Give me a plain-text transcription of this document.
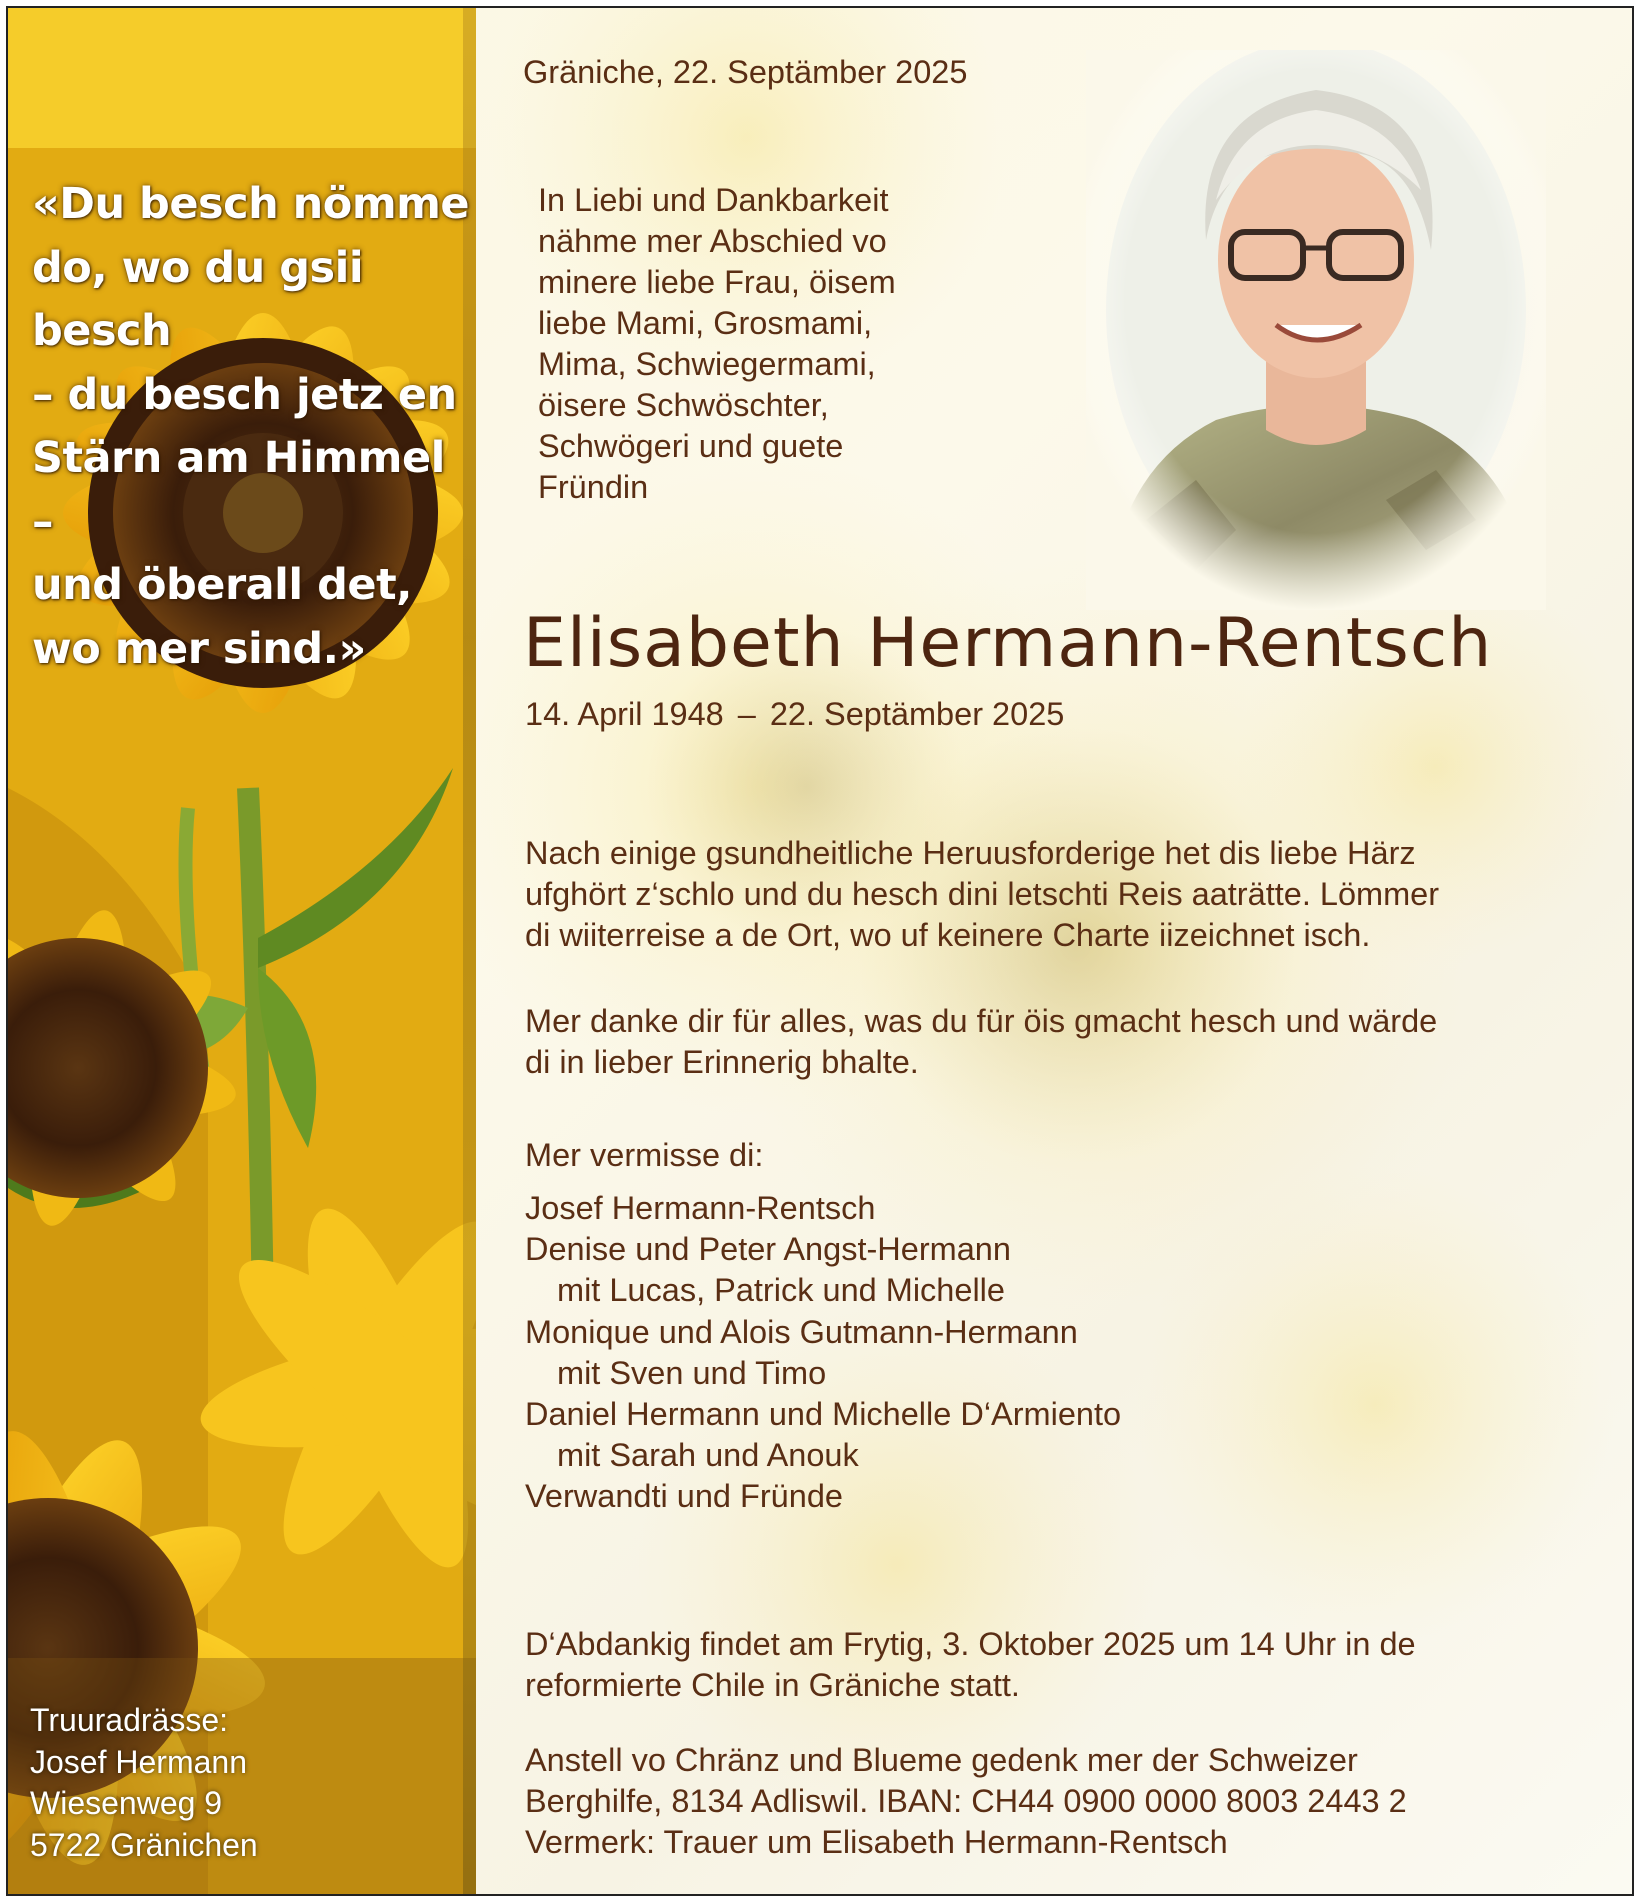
«Du besch nömme
do, wo du gsii besch
– du besch jetz en
Stärn am Himmel –
und öberall det,
wo mer sind.»
Truuradrässe:
Josef Hermann
Wiesenweg 9
5722 Gränichen

Gräniche, 22. Septämber 2025

In Liebi und Dankbarkeit
nähme mer Abschied vo
minere liebe Frau, öisem
liebe Mami, Grosmami,
Mima, Schwiegermami,
öisere Schwöschter,
Schwögeri und guete
Fründin

Elisabeth Hermann-Rentsch

14. April 1948 – 22. Septämber 2025

Nach einige gsundheitliche Heruusforderige het dis liebe Härz
ufghört z‘schlo und du hesch dini letschti Reis aaträtte. Lömmer
di wiiterreise a de Ort, wo uf keinere Charte iizeichnet isch.

Mer danke dir für alles, was du für öis gmacht hesch und wärde
di in lieber Erinnerig bhalte.

Mer vermisse di:

Josef Hermann-Rentsch
Denise und Peter Angst-Hermann
mit Lucas, Patrick und Michelle
Monique und Alois Gutmann-Hermann
mit Sven und Timo
Daniel Hermann und Michelle D‘Armiento
mit Sarah und Anouk
Verwandti und Fründe

D‘Abdankig findet am Frytig, 3. Oktober 2025 um 14 Uhr in de
reformierte Chile in Gräniche statt.

Anstell vo Chränz und Blueme gedenk mer der Schweizer
Berghilfe, 8134 Adliswil. IBAN: CH44 0900 0000 8003 2443 2
Vermerk: Trauer um Elisabeth Hermann-Rentsch
